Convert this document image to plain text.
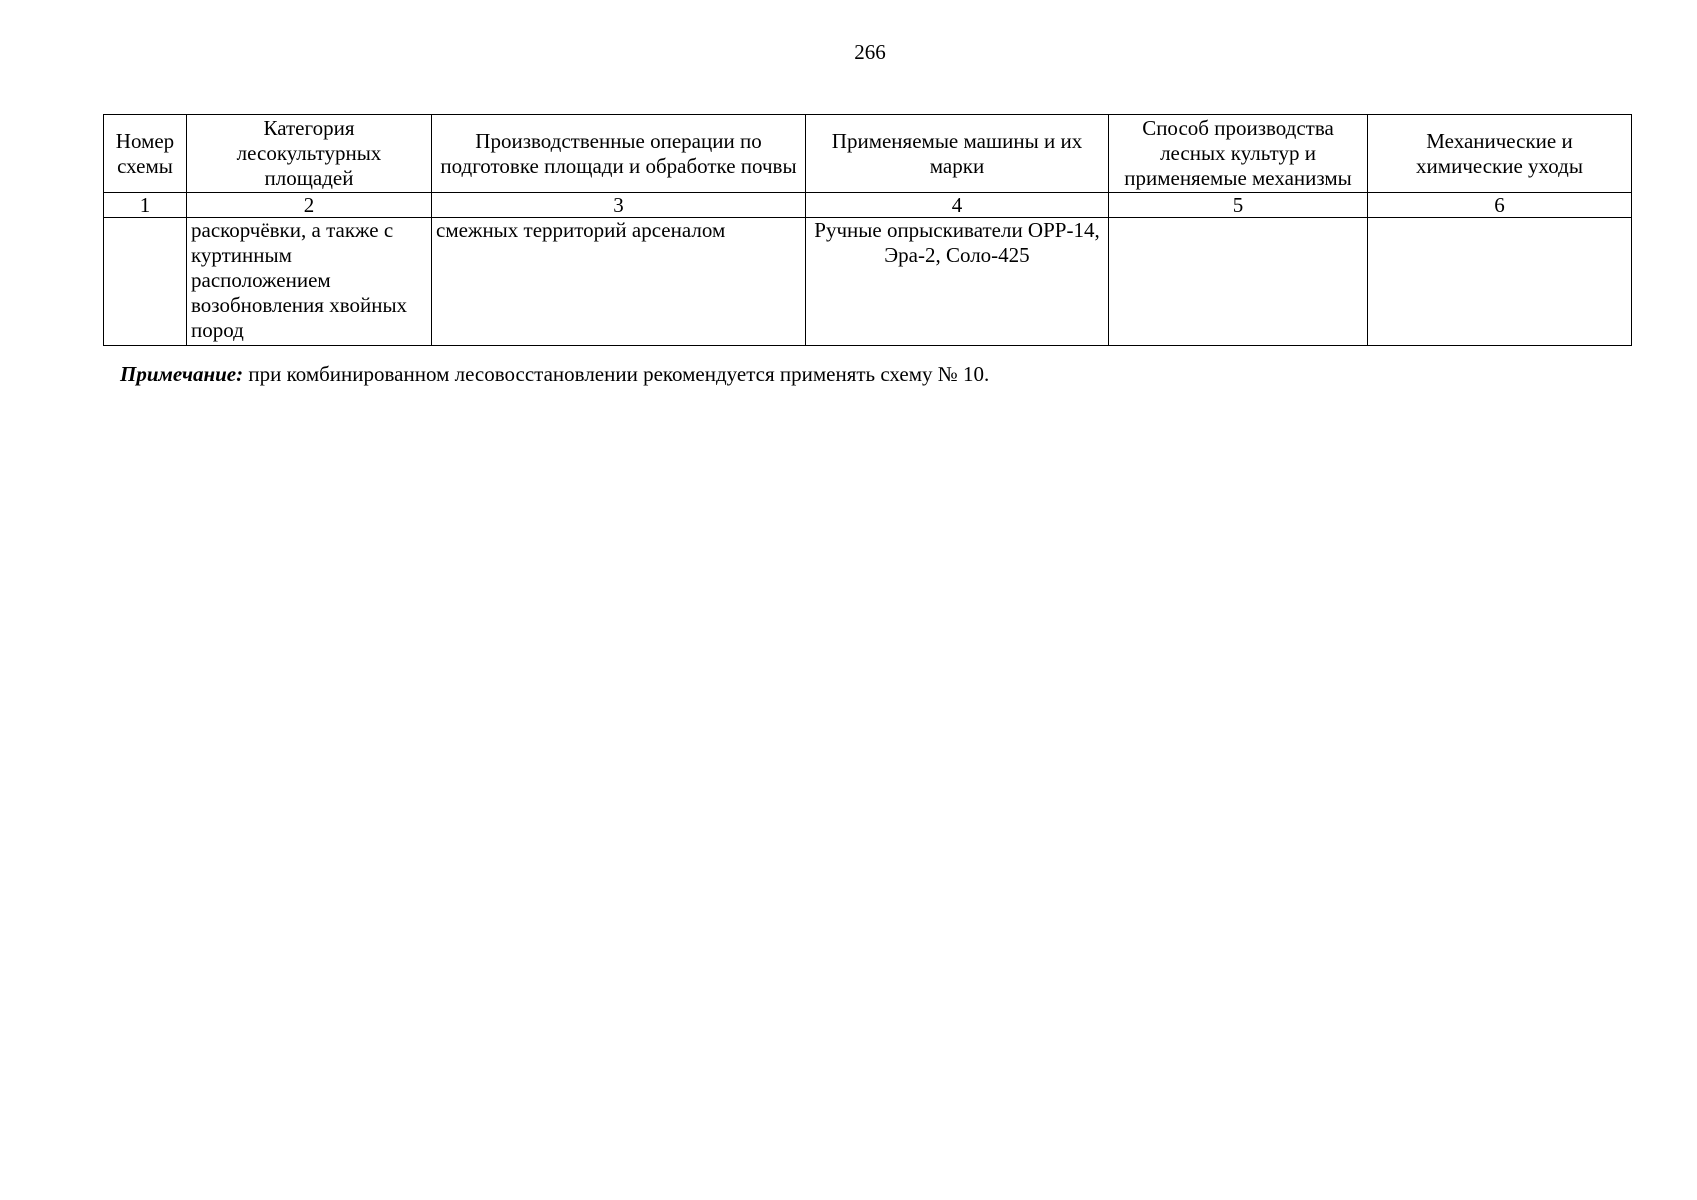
266
Номер схемы	Категория лесокультурных площадей	Производственные операции по подготовке площади и обработке почвы	Применяемые машины и их марки	Способ производства лесных культур и применяемые механизмы	Механические и химические уходы
1	2	3	4	5	6
	раскорчёвки, а также с куртинным расположением возобновления хвойных пород	смежных территорий арсеналом	Ручные опрыскиватели ОРР-14, Эра-2, Соло-425		
Примечание: при комбинированном лесовосстановлении рекомендуется применять схему № 10.
